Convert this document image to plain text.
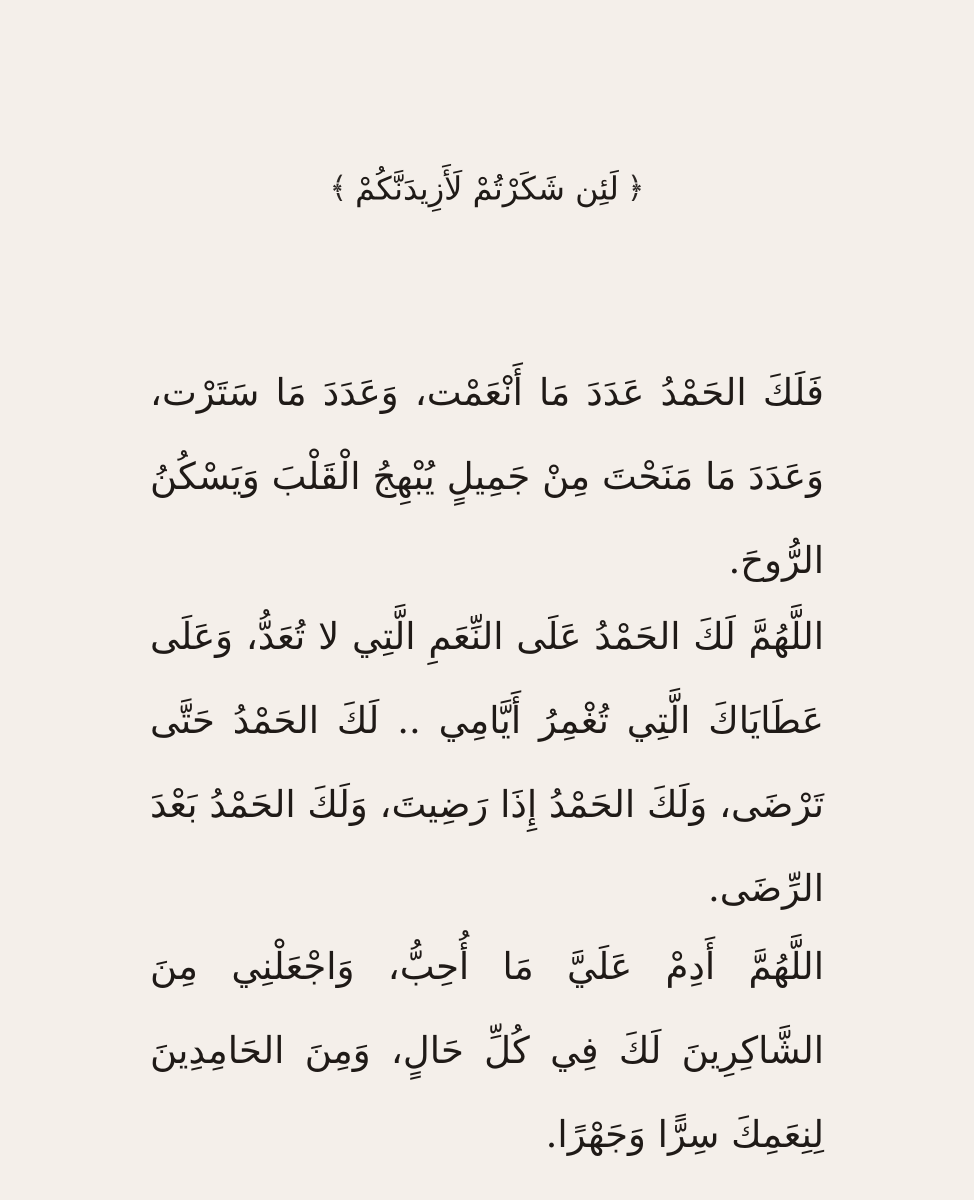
﴿لَئِن شَكَرْتُمْ لَأَزِيدَنَّكُمْ﴾

فَلَكَ الحَمْدُ عَدَدَ مَا أَنْعَمْت، وَعَدَدَ مَا سَتَرْت، وَعَدَدَ مَا مَنَحْتَ مِنْ جَمِيلٍ يُبْهِجُ الْقَلْبَ وَيَسْكُنُ الرُّوحَ.

اللَّهُمَّ لَكَ الحَمْدُ عَلَى النِّعَمِ الَّتِي لا تُعَدُّ، وَعَلَى عَطَايَاكَ الَّتِي تُغْمِرُ أَيَّامِي .. لَكَ الحَمْدُ حَتَّى تَرْضَى، وَلَكَ الحَمْدُ إِذَا رَضِيتَ، وَلَكَ الحَمْدُ بَعْدَ الرِّضَى.

اللَّهُمَّ أَدِمْ عَلَيَّ مَا أُحِبُّ، وَاجْعَلْنِي مِنَ الشَّاكِرِينَ لَكَ فِي كُلِّ حَالٍ، وَمِنَ الحَامِدِينَ لِنِعَمِكَ سِرًّا وَجَهْرًا.
